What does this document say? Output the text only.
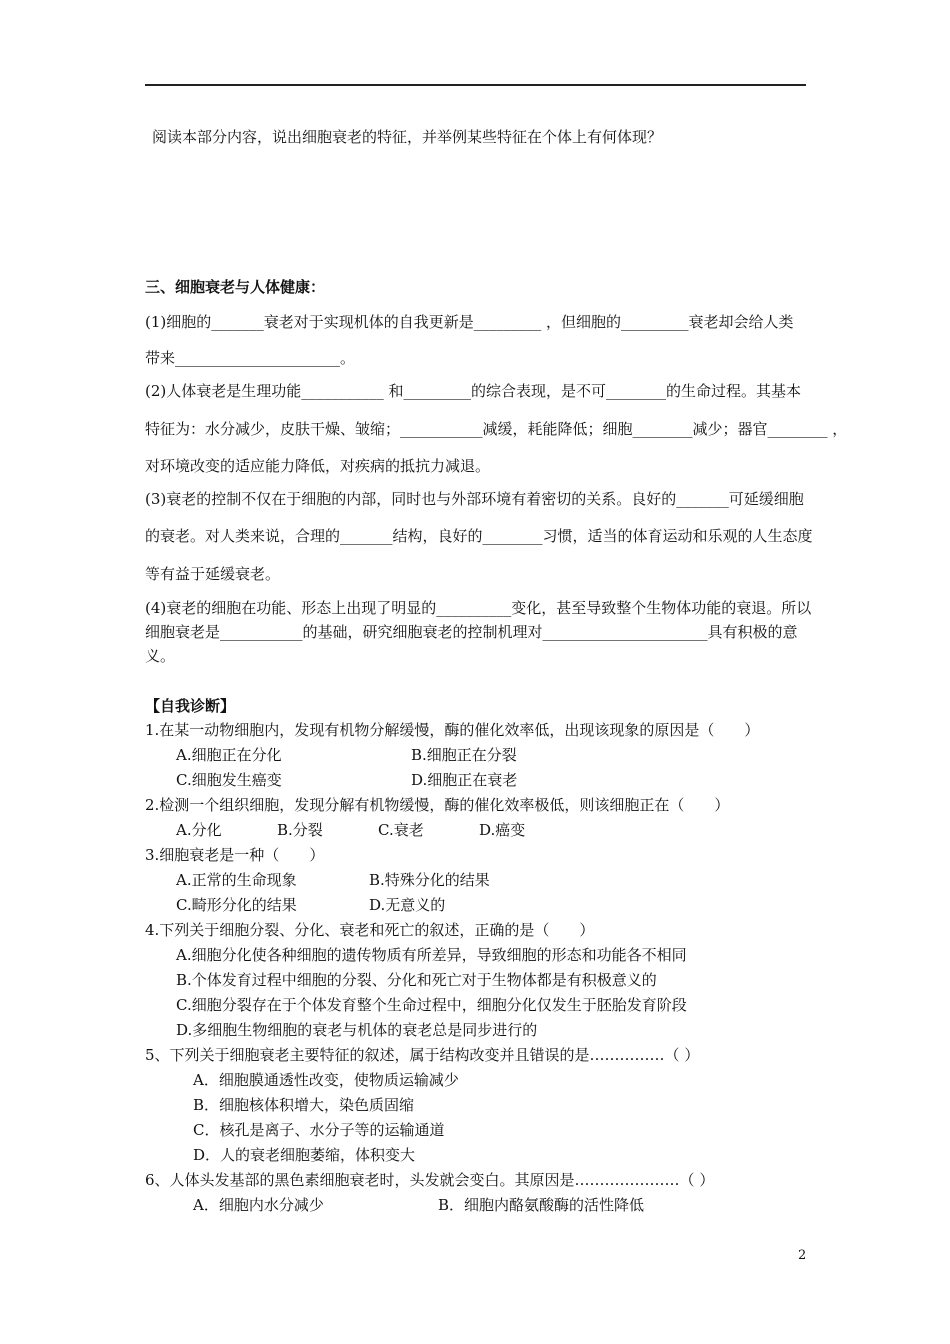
阅读本部分内容，说出细胞衰老的特征，并举例某些特征在个体上有何体现？
三、细胞衰老与人体健康：
(1)细胞的_______衰老对于实现机体的自我更新是_________ ，但细胞的_________衰老却会给人类
带来______________________。
(2)人体衰老是生理功能___________ 和_________的综合表现，是不可________的生命过程。其基本
特征为：水分减少，皮肤干燥、皱缩；___________减缓，耗能降低；细胞________减少；器官________ ，
对环境改变的适应能力降低，对疾病的抵抗力减退。
(3)衰老的控制不仅在于细胞的内部，同时也与外部环境有着密切的关系。良好的_______可延缓细胞
的衰老。对人类来说，合理的_______结构，良好的________习惯，适当的体育运动和乐观的人生态度
等有益于延缓衰老。
(4)衰老的细胞在功能、形态上出现了明显的__________变化，甚至导致整个生物体功能的衰退。所以
细胞衰老是___________的基础，研究细胞衰老的控制机理对______________________具有积极的意
义。
【自我诊断】
1.在某一动物细胞内，发现有机物分解缓慢，酶的催化效率低，出现该现象的原因是（　　）
A.细胞正在分化	B.细胞正在分裂
C.细胞发生癌变	D.细胞正在衰老
2.检测一个组织细胞，发现分解有机物缓慢，酶的催化效率极低，则该细胞正在（　　）
A.分化	B.分裂	C.衰老	D.癌变
3.细胞衰老是一种（　　）
A.正常的生命现象	B.特殊分化的结果
C.畸形分化的结果	D.无意义的
4.下列关于细胞分裂、分化、衰老和死亡的叙述，正确的是（　　）
A.细胞分化使各种细胞的遗传物质有所差异，导致细胞的形态和功能各不相同
B.个体发育过程中细胞的分裂、分化和死亡对于生物体都是有积极意义的
C.细胞分裂存在于个体发育整个生命过程中，细胞分化仅发生于胚胎发育阶段
D.多细胞生物细胞的衰老与机体的衰老总是同步进行的
5、下列关于细胞衰老主要特征的叙述，属于结构改变并且错误的是……………（ ）
A．细胞膜通透性改变，使物质运输减少
B．细胞核体积增大，染色质固缩
C．核孔是离子、水分子等的运输通道
D．人的衰老细胞萎缩，体积变大
6、人体头发基部的黑色素细胞衰老时，头发就会变白。其原因是…………………（ ）
A．细胞内水分减少	B．细胞内酪氨酸酶的活性降低
2
